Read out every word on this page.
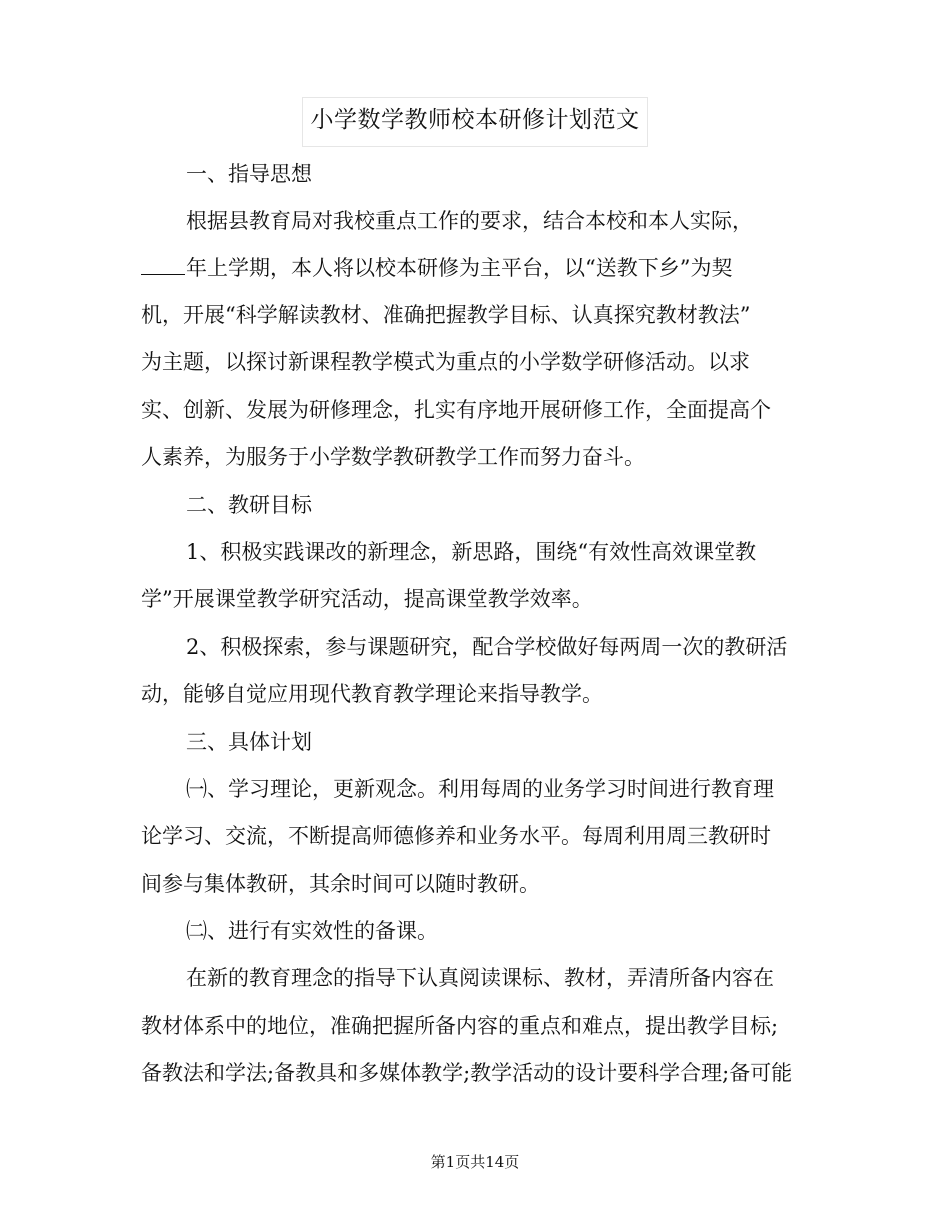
小学数学教师校本研修计划范文
一、指导思想
根据县教育局对我校重点工作的要求，结合本校和本人实际，
年上学期，本人将以校本研修为主平台，以“送教下乡”为契
机，开展“科学解读教材、准确把握教学目标、认真探究教材教法”
为主题，以探讨新课程教学模式为重点的小学数学研修活动。以求
实、创新、发展为研修理念，扎实有序地开展研修工作，全面提高个
人素养，为服务于小学数学教研教学工作而努力奋斗。
二、教研目标
1、积极实践课改的新理念，新思路，围绕“有效性高效课堂教
学”开展课堂教学研究活动，提高课堂教学效率。
2、积极探索，参与课题研究，配合学校做好每两周一次的教研活
动，能够自觉应用现代教育教学理论来指导教学。
三、具体计划
㈠、学习理论，更新观念。利用每周的业务学习时间进行教育理
论学习、交流，不断提高师德修养和业务水平。每周利用周三教研时
间参与集体教研，其余时间可以随时教研。
㈡、进行有实效性的备课。
在新的教育理念的指导下认真阅读课标、教材，弄清所备内容在
教材体系中的地位，准确把握所备内容的重点和难点，提出教学目标;
备教法和学法;备教具和多媒体教学;教学活动的设计要科学合理;备可能
第1页共14页
